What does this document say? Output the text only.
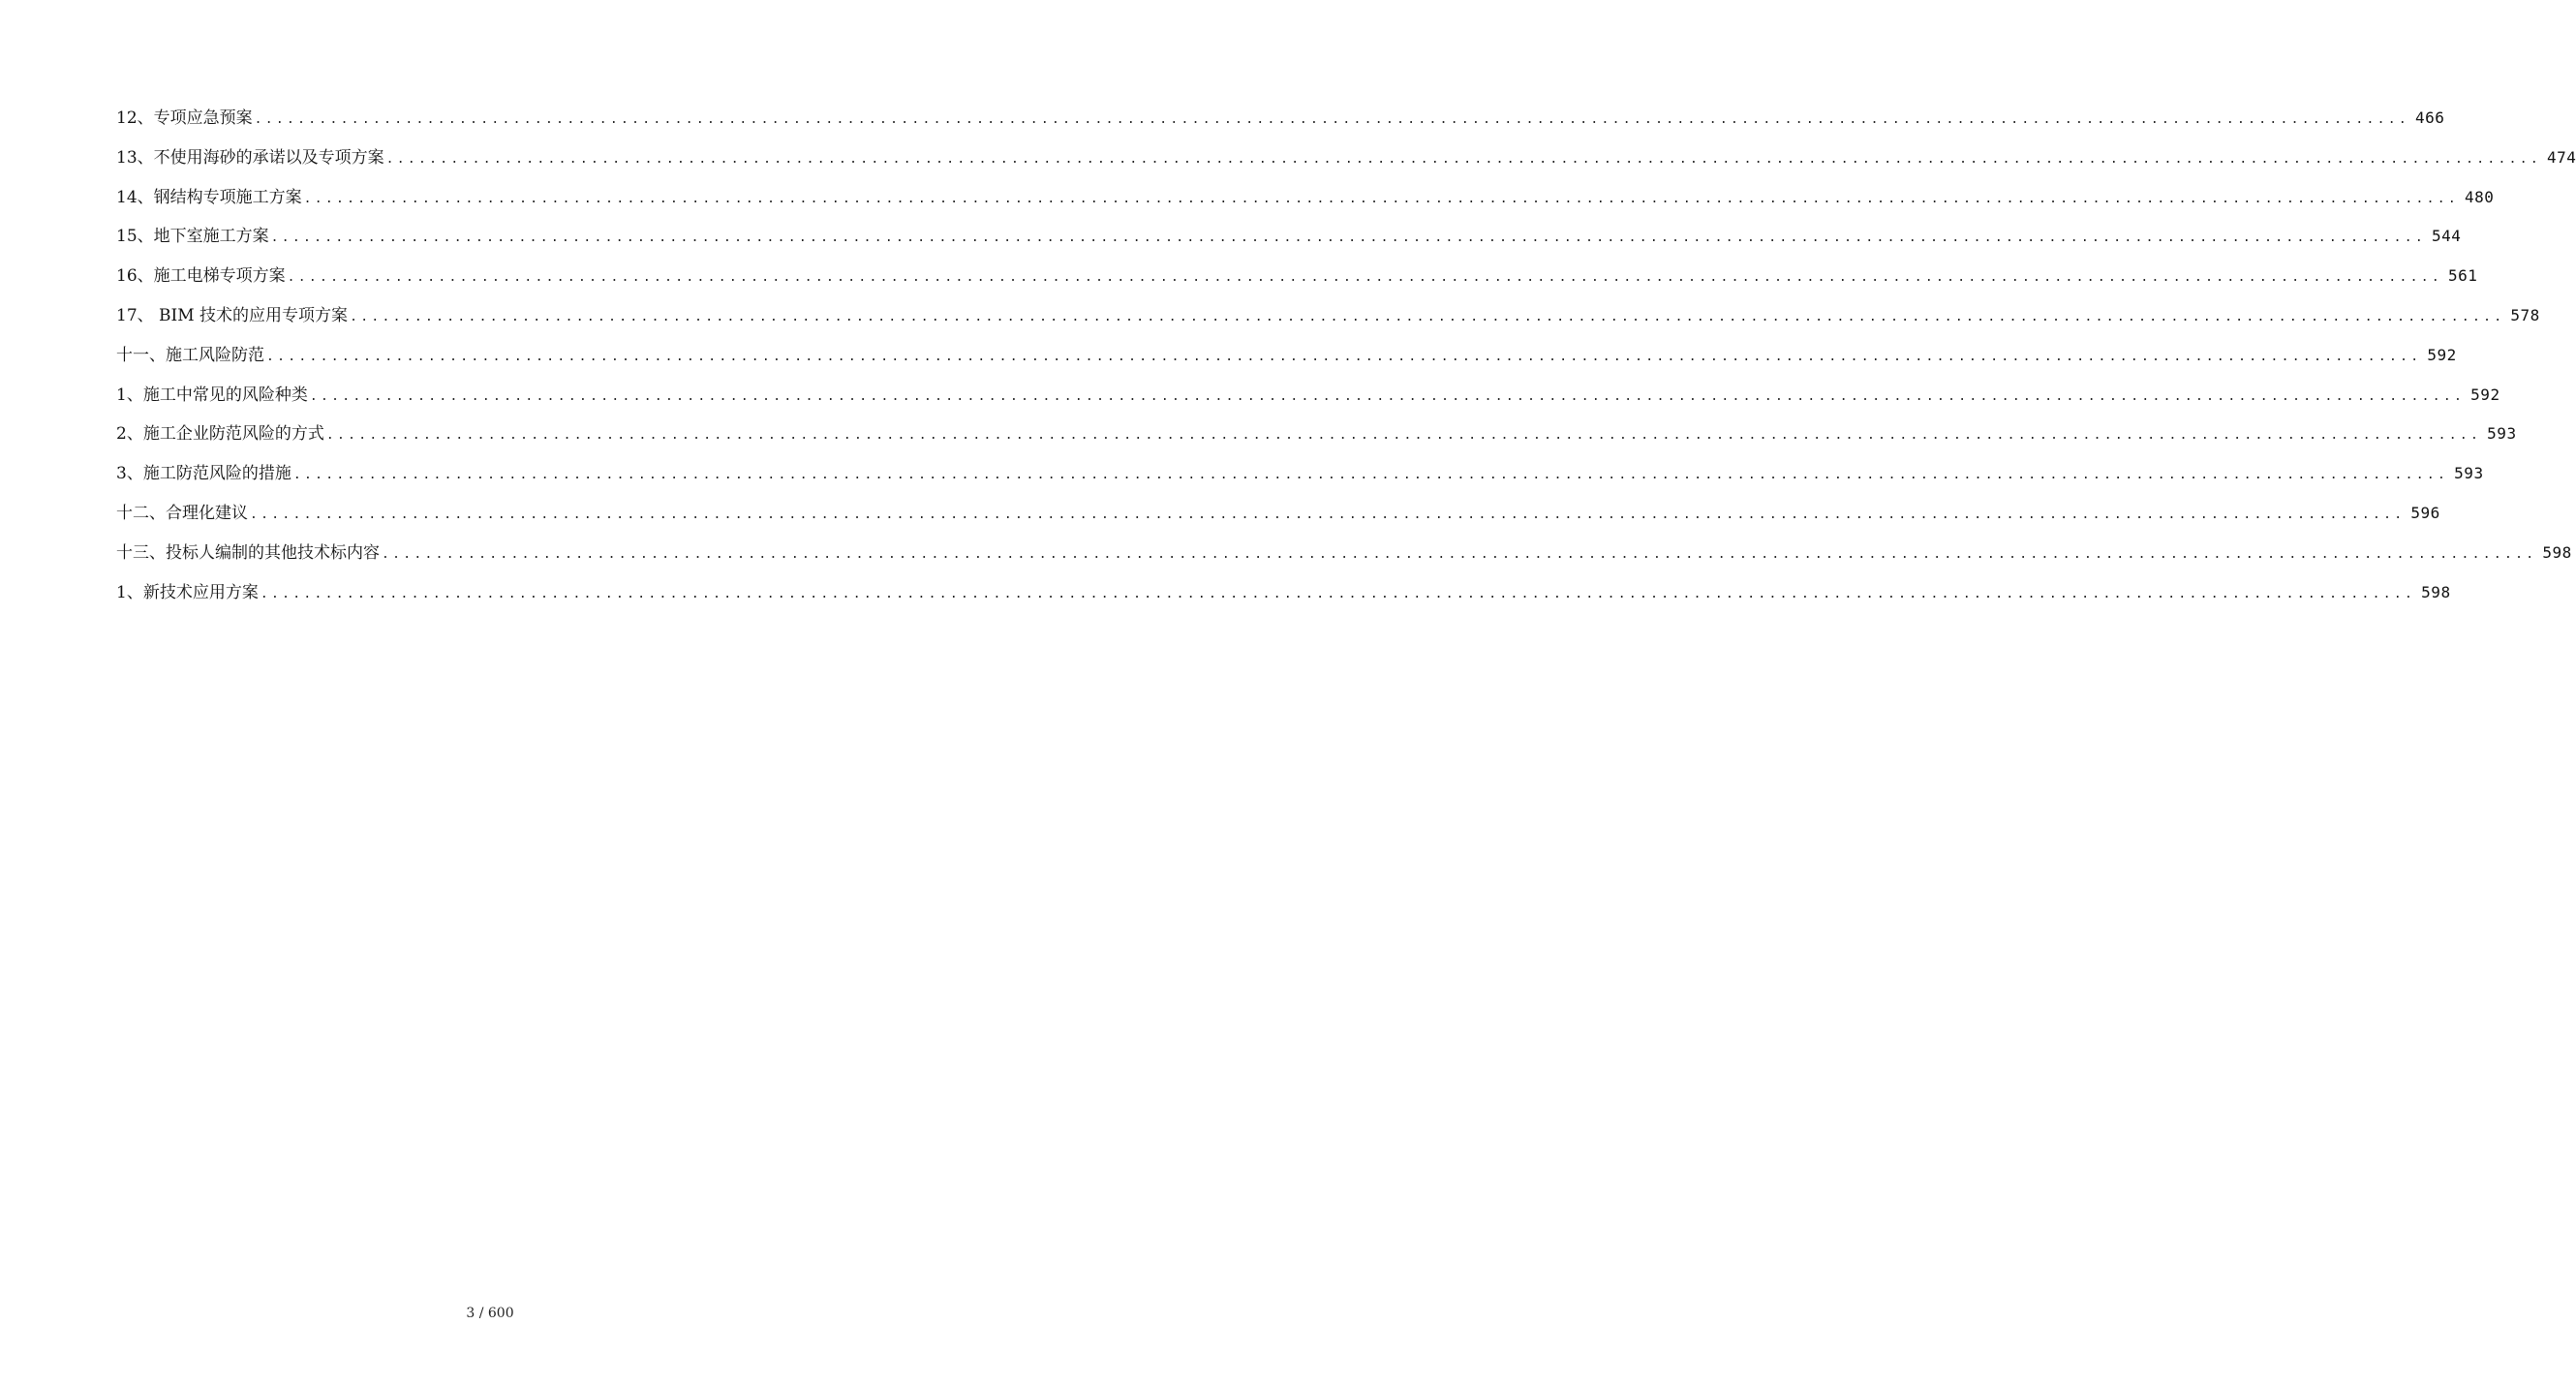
12、专项应急预案 ........................................................................................................................................................................................................ 466
13、不使用海砂的承诺以及专项方案 ........................................................................................................................................................................................................ 474
14、钢结构专项施工方案 ........................................................................................................................................................................................................ 480
15、地下室施工方案 ........................................................................................................................................................................................................ 544
16、施工电梯专项方案 ........................................................................................................................................................................................................ 561
17、 BIM 技术的应用专项方案 ........................................................................................................................................................................................................ 578
十一、施工风险防范 ........................................................................................................................................................................................................ 592
1、施工中常见的风险种类 ........................................................................................................................................................................................................ 592
2、施工企业防范风险的方式 ........................................................................................................................................................................................................ 593
3、施工防范风险的措施 ........................................................................................................................................................................................................ 593
十二、合理化建议 ........................................................................................................................................................................................................ 596
十三、投标人编制的其他技术标内容 ........................................................................................................................................................................................................ 598
1、新技术应用方案 ........................................................................................................................................................................................................ 598
3 / 600
